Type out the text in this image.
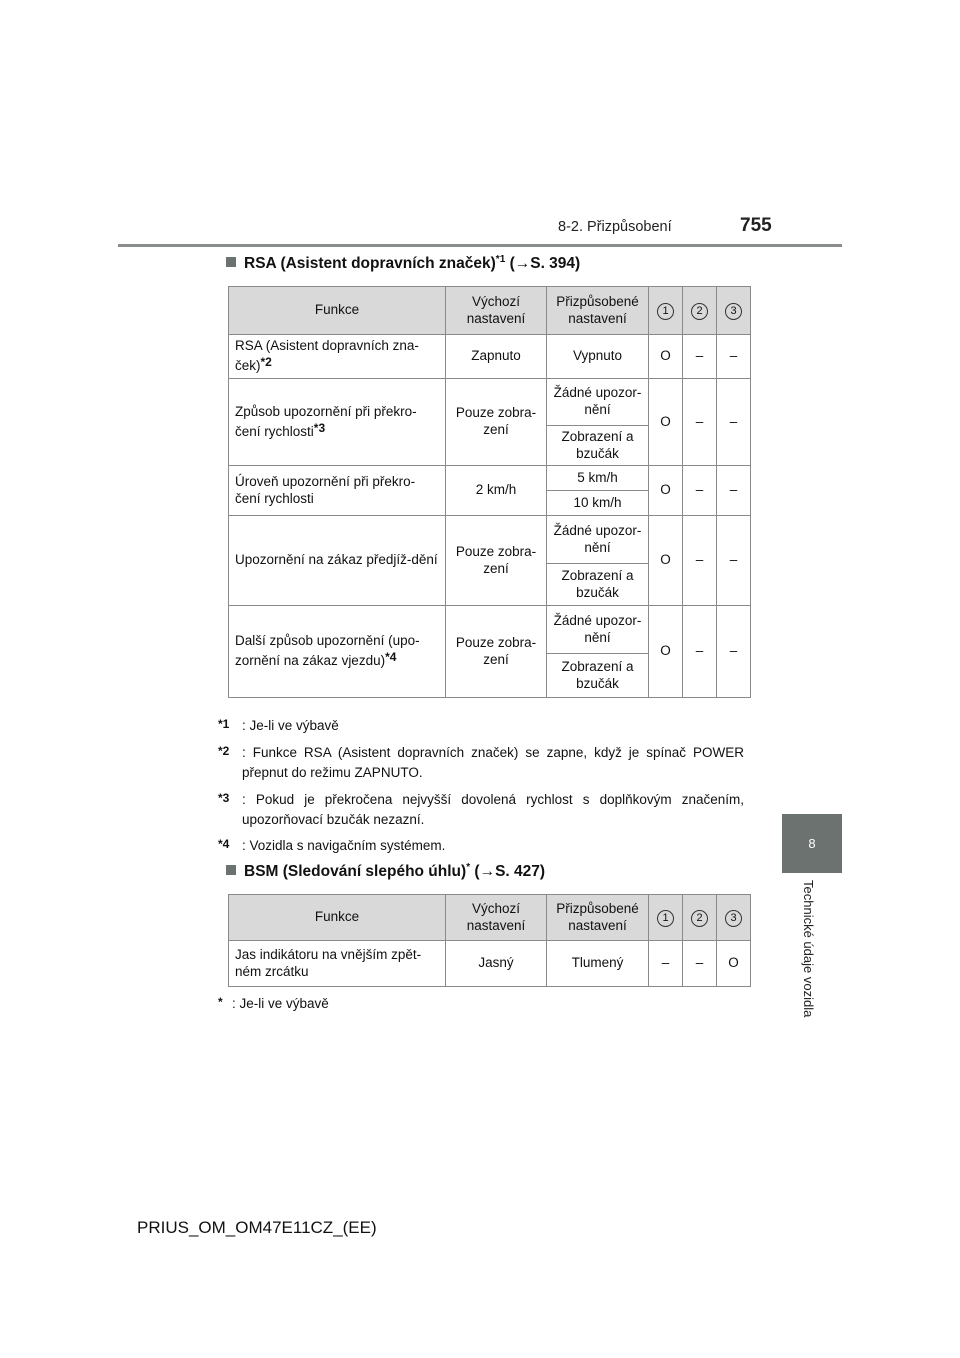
8-2. Přizpůsobení	755
8
Technické údaje vozidla
RSA (Asistent dopravních značek)$^{*1}$ (→S. 394)
Funkce	Výchozí nastavení	Přizpůsobené nastavení	1	2	3
RSA (Asistent dopravních zna-ček)$^{*2}$	Zapnuto	Vypnuto	O	–	–
Způsob upozornění při překro-čení rychlosti$^{*3}$	Pouze zobra-zení	Žádné upozor-nění	O	–	–
		Zobrazení a bzučák			
Úroveň upozornění při překro-čení rychlosti	2 km/h	5 km/h	O	–	–
		10 km/h			
Upozornění na zákaz předjíž-dění	Pouze zobra-zení	Žádné upozor-nění	O	–	–
		Zobrazení a bzučák			
Další způsob upozornění (upo-zornění na zákaz vjezdu)$^{*4}$	Pouze zobra-zení	Žádné upozor-nění	O	–	–
		Zobrazení a bzučák			
$^{*1}$ : Je-li ve výbavě
$^{*2}$ : Funkce RSA (Asistent dopravních značek) se zapne, když je spínač POWER přepnut do režimu ZAPNUTO.
$^{*3}$ : Pokud je překročena nejvyšší dovolená rychlost s doplňkovým značením, upozorňovací bzučák nezazní.
$^{*4}$ : Vozidla s navigačním systémem.
BSM (Sledování slepého úhlu)* (→S. 427)
Funkce	Výchozí nastavení	Přizpůsobené nastavení	1	2	3
Jas indikátoru na vnějším zpět-ném zrcátku	Jasný	Tlumený	–	–	O
* : Je-li ve výbavě
PRIUS_OM_OM47E11CZ_(EE)
